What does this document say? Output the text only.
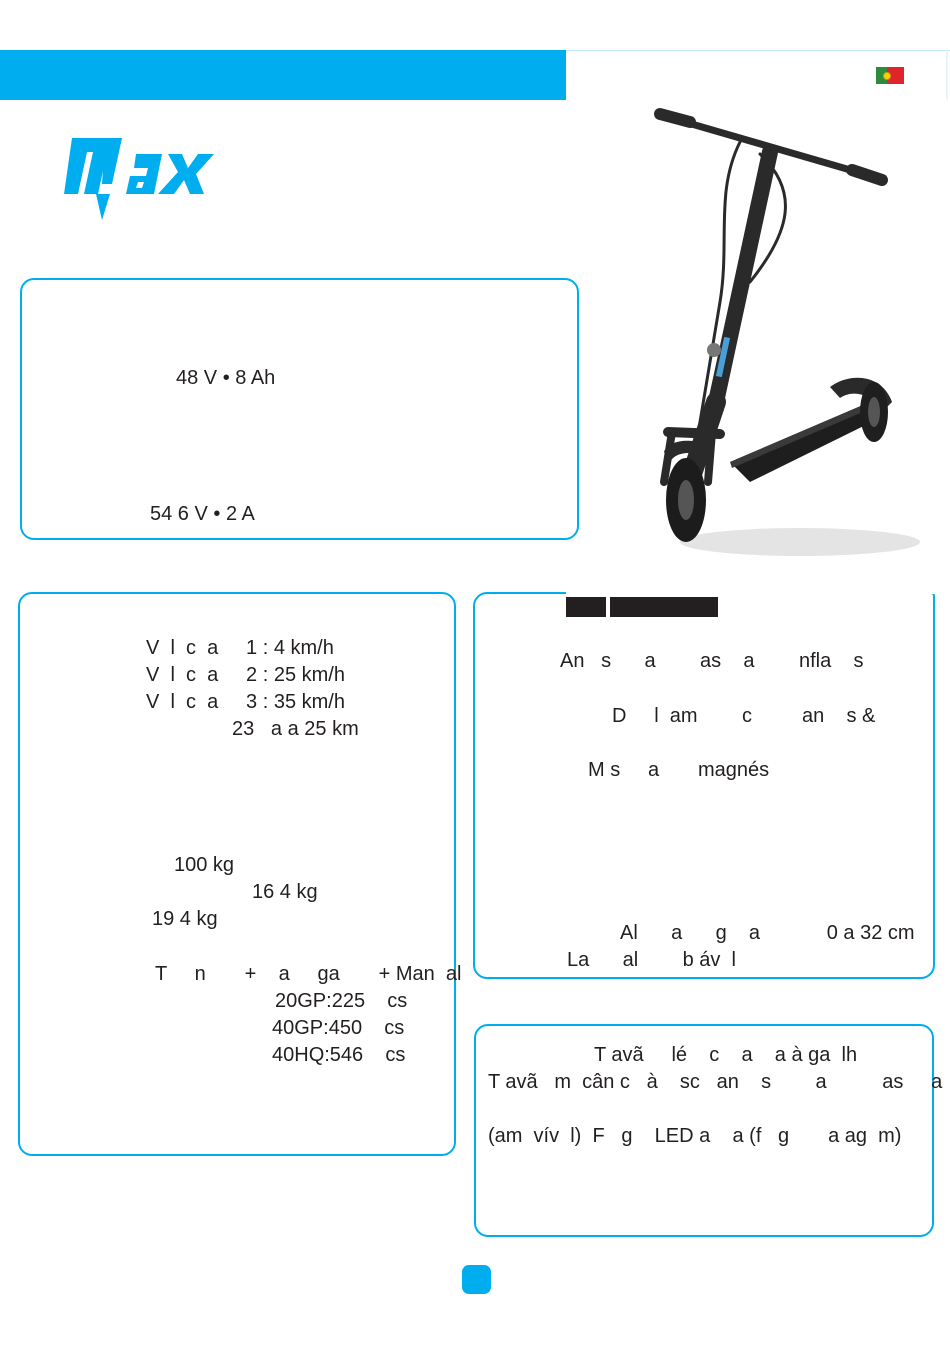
48 V • 8 Ah
54 6 V • 2 A
V  l  c  a     1 : 4 km/h
V  l  c  a     2 : 25 km/h
V  l  c  a     3 : 35 km/h
23   a a 25 km
100 kg
16 4 kg
19 4 kg
T     n       +    a     ga       + Man  al
20GP:225    cs
40GP:450    cs
40HQ:546    cs
An   s      a        as    a        nfla    s
D     l  am        c         an    s &
M s     a       magnés
Al      a      g    a            0 a 32 cm
La      al        b áv  l
T avã     lé    c    a    a à ga  lh
T avã   m  cân c   à    sc   an    s        a          as     a
(am  vív  l)  F   g    LED a    a (f   g       a ag  m)
